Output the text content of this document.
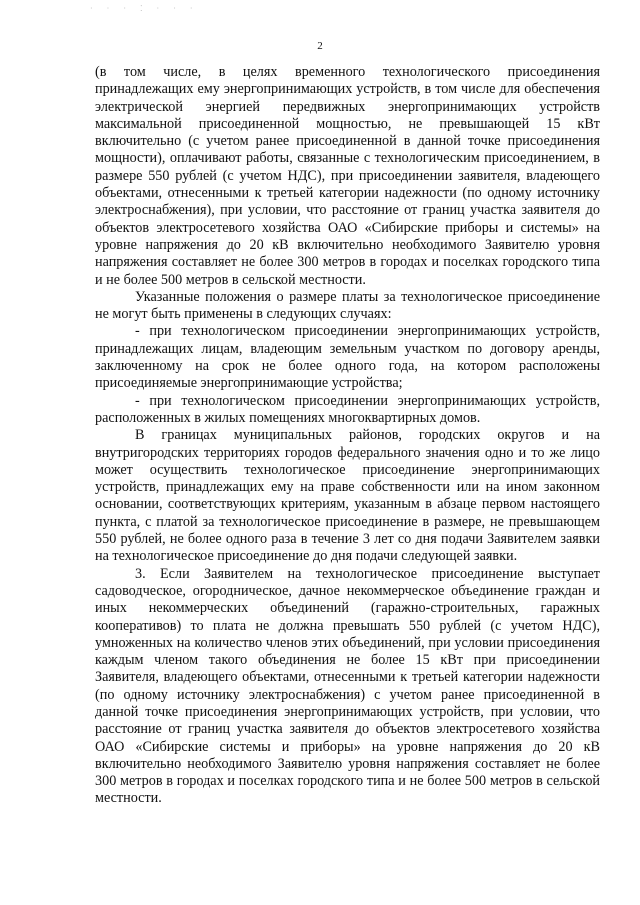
· · · ⁚ · · ·
2

(в том числе, в целях временного технологического присоединения принадлежащих ему энергопринимающих устройств, в том числе для обеспечения электрической энергией передвижных энергопринимающих устройств максимальной присоединенной мощностью, не превышающей 15 кВт включительно (с учетом ранее присоединенной в данной точке присоединения мощности), оплачивают работы, связанные с технологическим присоединением, в размере 550 рублей (с учетом НДС), при присоединении заявителя, владеющего объектами, отнесенными к третьей категории надежности (по одному источнику электроснабжения), при условии, что расстояние от границ участка заявителя до объектов электросетевого хозяйства ОАО «Сибирские приборы и системы» на уровне напряжения до 20 кВ включительно необходимого Заявителю уровня напряжения составляет не более 300 метров в городах и поселках городского типа и не более 500 метров в сельской местности.

Указанные положения о размере платы за технологическое присоединение не могут быть применены в следующих случаях:

- при технологическом присоединении энергопринимающих устройств, принадлежащих лицам, владеющим земельным участком по договору аренды, заключенному на срок не более одного года, на котором расположены присоединяемые энергопринимающие устройства;

- при технологическом присоединении энергопринимающих устройств, расположенных в жилых помещениях многоквартирных домов.

В границах муниципальных районов, городских округов и на внутригородских территориях городов федерального значения одно и то же лицо может осуществить технологическое присоединение энергопринимающих устройств, принадлежащих ему на праве собственности или на ином законном основании, соответствующих критериям, указанным в абзаце первом настоящего пункта, с платой за технологическое присоединение в размере, не превышающем 550 рублей, не более одного раза в течение 3 лет со дня подачи Заявителем заявки на технологическое присоединение до дня подачи следующей заявки.

3. Если Заявителем на технологическое присоединение выступает садоводческое, огородническое, дачное некоммерческое объединение граждан и иных некоммерческих объединений (гаражно-строительных, гаражных кооперативов) то плата не должна превышать 550 рублей (с учетом НДС), умноженных на количество членов этих объединений, при условии присоединения каждым членом такого объединения не более 15 кВт при присоединении Заявителя, владеющего объектами, отнесенными к третьей категории надежности (по одному источнику электроснабжения) с учетом ранее присоединенной в данной точке присоединения энергопринимающих устройств, при условии, что расстояние от границ участка заявителя до объектов электросетевого хозяйства ОАО «Сибирские системы и приборы» на уровне напряжения до 20 кВ включительно необходимого Заявителю уровня напряжения составляет не более 300 метров в городах и поселках городского типа и не более 500 метров в сельской местности.
